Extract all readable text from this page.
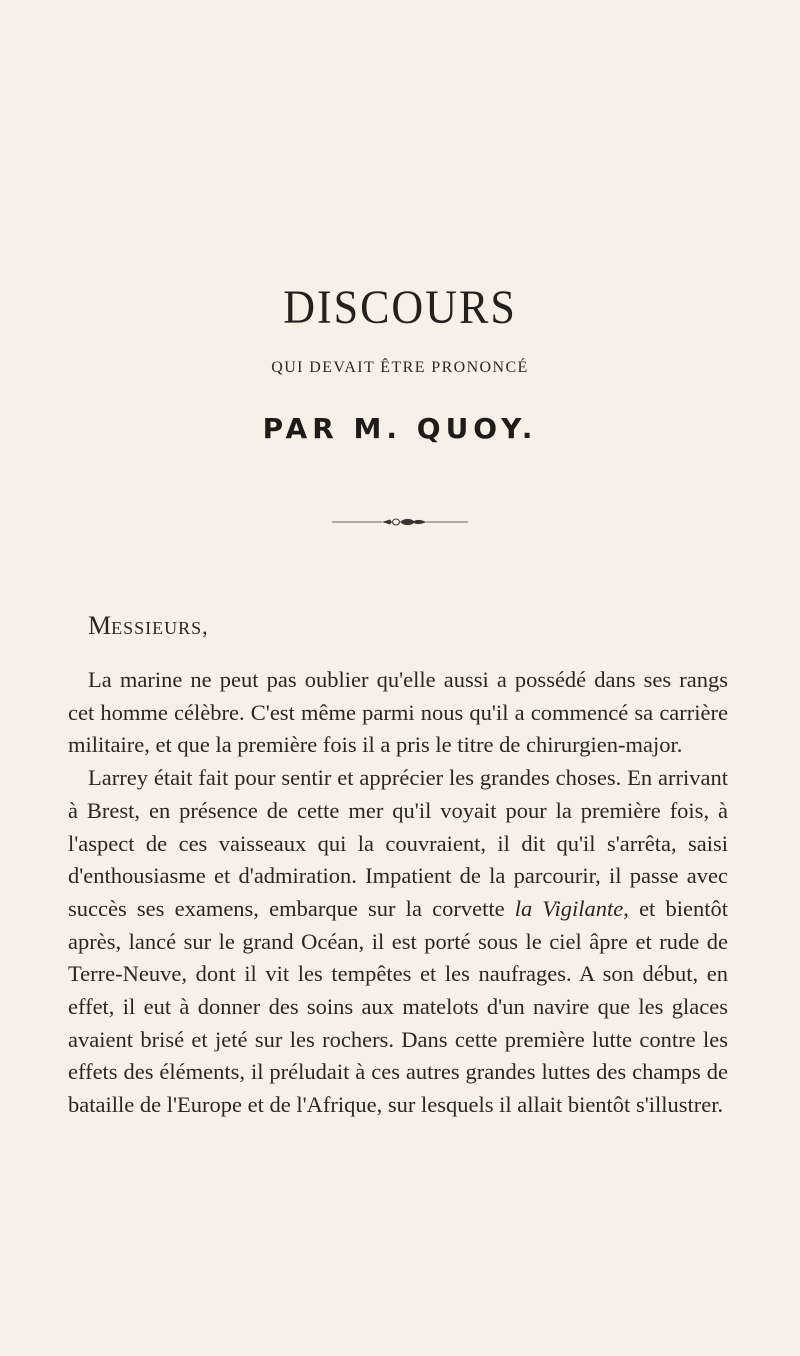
DISCOURS
QUI DEVAIT ÊTRE PRONONCÉ
PAR M. QUOY.
MESSIEURS,

La marine ne peut pas oublier qu'elle aussi a possédé dans ses rangs cet homme célèbre. C'est même parmi nous qu'il a commencé sa carrière militaire, et que la première fois il a pris le titre de chirurgien-major.

Larrey était fait pour sentir et apprécier les grandes choses. En arrivant à Brest, en présence de cette mer qu'il voyait pour la première fois, à l'aspect de ces vaisseaux qui la couvraient, il dit qu'il s'arrêta, saisi d'enthousiasme et d'admiration. Impatient de la parcourir, il passe avec succès ses examens, embarque sur la corvette la Vigilante, et bientôt après, lancé sur le grand Océan, il est porté sous le ciel âpre et rude de Terre-Neuve, dont il vit les tempêtes et les naufrages. A son début, en effet, il eut à donner des soins aux matelots d'un navire que les glaces avaient brisé et jeté sur les rochers. Dans cette première lutte contre les effets des éléments, il préludait à ces autres grandes luttes des champs de bataille de l'Europe et de l'Afrique, sur lesquels il allait bientôt s'illustrer.
